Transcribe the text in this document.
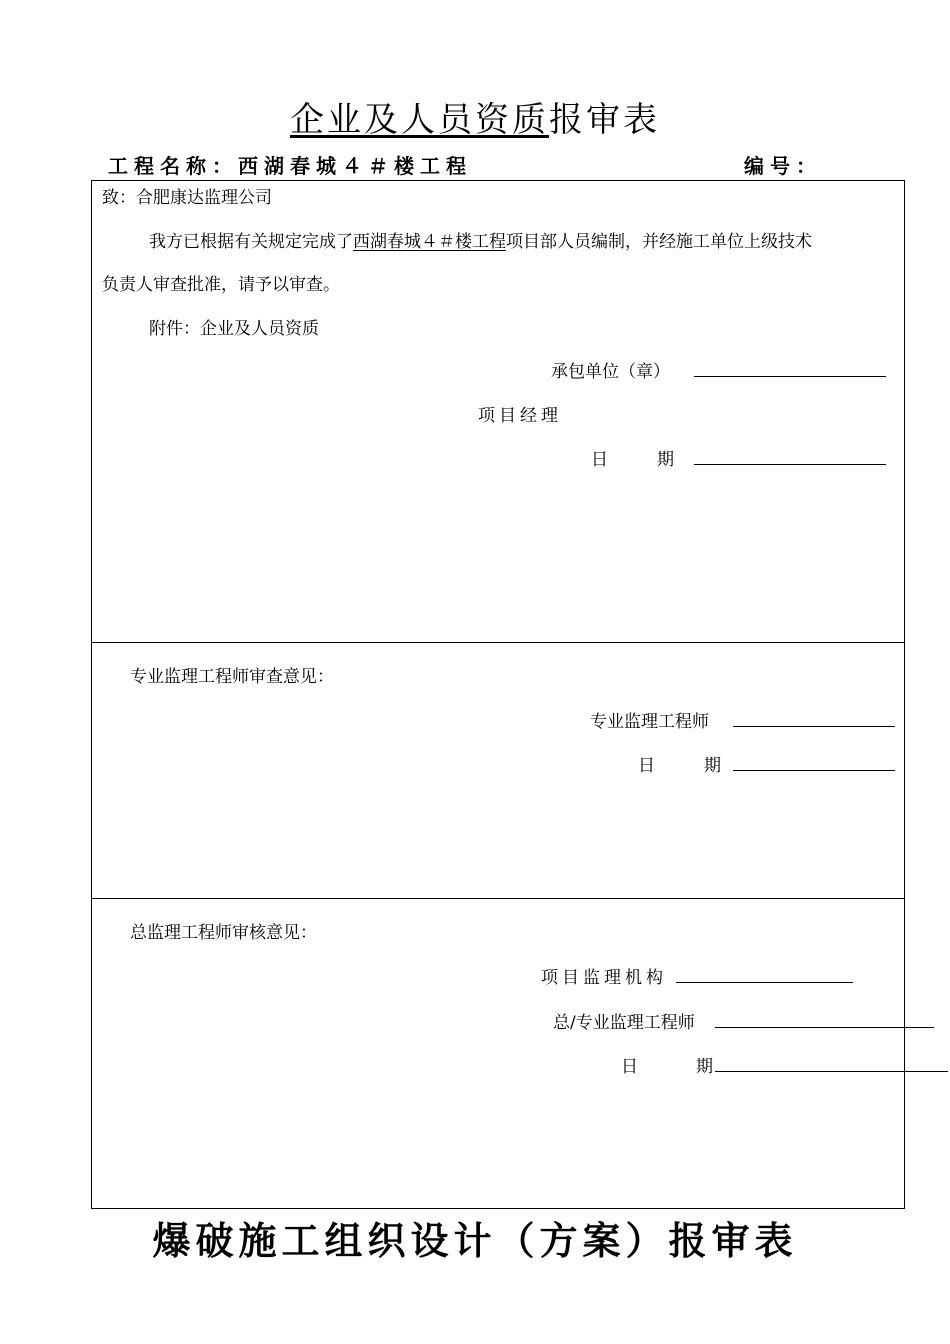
企业及人员资质报审表
工程名称：西湖春城４＃楼工程	编号：
致：合肥康达监理公司
我方已根据有关规定完成了西湖春城４＃楼工程项目部人员编制，并经施工单位上级技术
负责人审查批准，请予以审查。
附件：企业及人员资质
承包单位（章）
项目经理
日	期
专业监理工程师审查意见：
专业监理工程师
日	期
总监理工程师审核意见：
项目监理机构
总/专业监理工程师
日	期
爆破施工组织设计（方案）报审表
